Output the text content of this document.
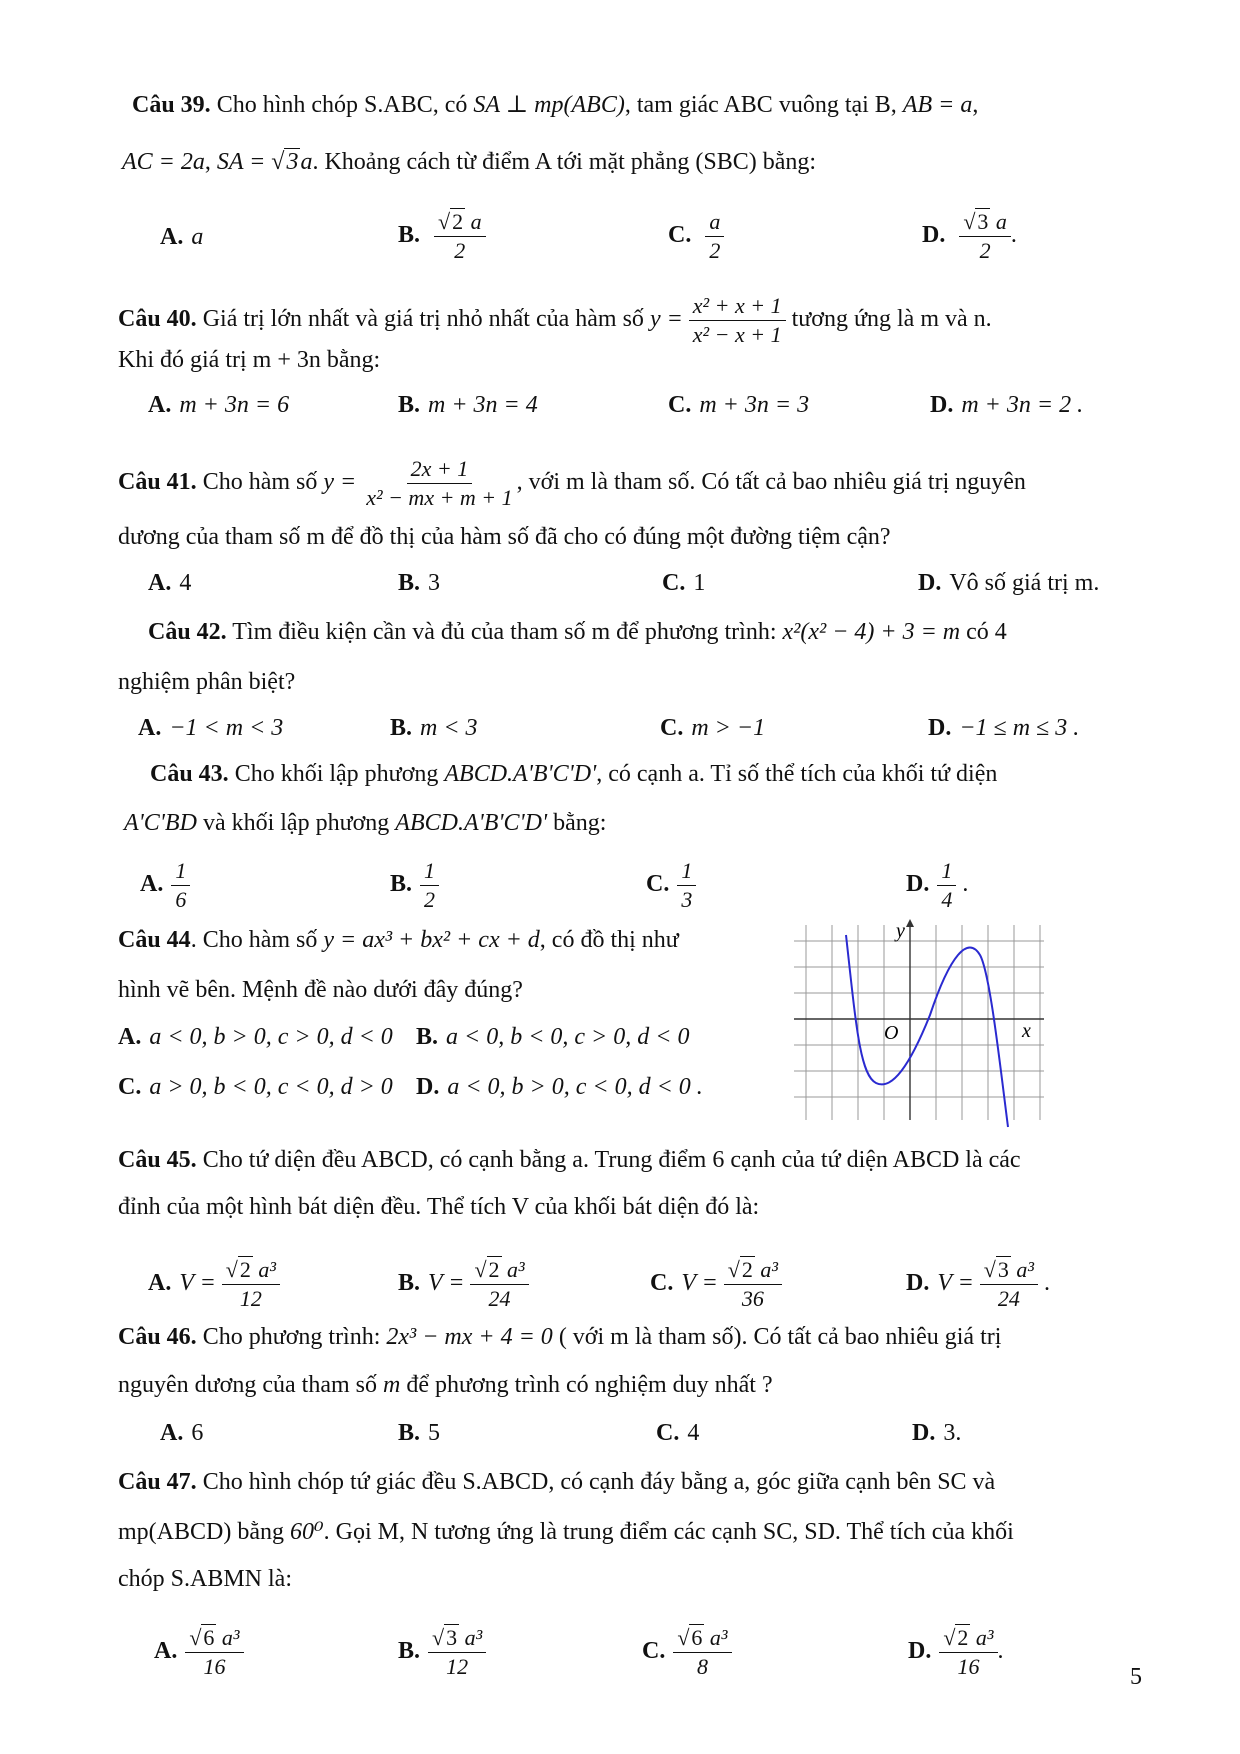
Câu 39. Cho hình chóp S.ABC, có SA ⊥ mp(ABC), tam giác ABC vuông tại B, AB = a,
AC = 2a, SA = √3a. Khoảng cách từ điểm A tới mặt phẳng (SBC) bằng:
A. a	B. $\frac{√2 a}{2}$	C. $\frac{a}{2}$	D. $\frac{√3 a}{2}$ .
Câu 40. Giá trị lớn nhất và giá trị nhỏ nhất của hàm số $y = \frac{\text{x² + x + 1}}{\text{x² − x + 1}}$ tương ứng là m và n.
Khi đó giá trị m + 3n bằng:
A. m + 3n = 6	B. m + 3n = 4	C. m + 3n = 3	D. m + 3n = 2 .
Câu 41. Cho hàm số $y = \frac{2x + 1}{\text{x² − mx + m + 1}}$ , với m là tham số. Có tất cả bao nhiêu giá trị nguyên
dương của tham số m để đồ thị của hàm số đã cho có đúng một đường tiệm cận?
A. 4	B. 3	C. 1	D. Vô số giá trị m.
Câu 42. Tìm điều kiện cần và đủ của tham số m để phương trình: x²(x² − 4) + 3 = m có 4
nghiệm phân biệt?
A. −1 < m < 3	B. m < 3	C. m > −1	D. −1 ≤ m ≤ 3 .
Câu 43. Cho khối lập phương ABCD.A'B'C'D', có cạnh a. Tỉ số thể tích của khối tứ diện
A'C'BD và khối lập phương ABCD.A'B'C'D' bằng:
A. $\frac{1}{6}$	B. $\frac{1}{2}$	C. $\frac{1}{3}$	D. $\frac{1}{4}$ .
Câu 44. Cho hàm số y = ax³ + bx² + cx + d, có đồ thị như
hình vẽ bên. Mệnh đề nào dưới đây đúng?
A. a < 0, b > 0, c > 0, d < 0 B. a < 0, b < 0, c > 0, d < 0
C. a > 0, b < 0, c < 0, d > 0 D. a < 0, b > 0, c < 0, d < 0 .
y
x
O
Câu 45. Cho tứ diện đều ABCD, có cạnh bằng a. Trung điểm 6 cạnh của tứ diện ABCD là các
đỉnh của một hình bát diện đều. Thể tích V của khối bát diện đó là:
A. $V = \frac{\text{√2 a³}}{12}$	B. $V = \frac{\text{√2 a³}}{24}$	C. $V = \frac{\text{√2 a³}}{36}$	D. $V = \frac{\text{√3 a³}}{24}$ .
Câu 46. Cho phương trình: 2x³ − mx + 4 = 0 ( với m là tham số). Có tất cả bao nhiêu giá trị
nguyên dương của tham số m để phương trình có nghiệm duy nhất ?
A. 6	B. 5	C. 4	D. 3.
Câu 47. Cho hình chóp tứ giác đều S.ABCD, có cạnh đáy bằng a, góc giữa cạnh bên SC và
mp(ABCD) bằng 60⁰. Gọi M, N tương ứng là trung điểm các cạnh SC, SD. Thể tích của khối
chóp S.ABMN là:
A. $\frac{\text{√6 a³}}{16}$	B. $\frac{\text{√3 a³}}{12}$	C. $\frac{\text{√6 a³}}{8}$	D. $\frac{\text{√2 a³}}{16}$ .
5
